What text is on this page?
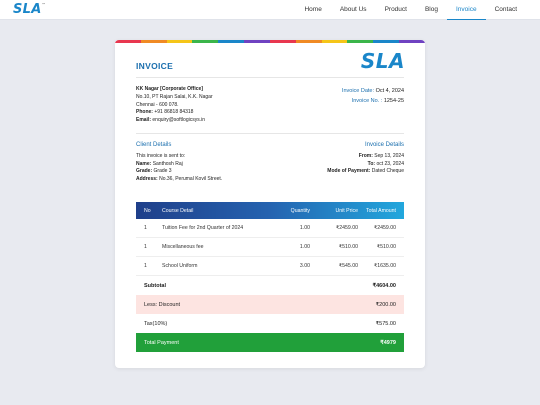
SLA™
Home	About Us	Product	Blog	Invoice	Contact
INVOICE	SLA
KK Nagar [Corporate Office]
No.10, PT Rajan Salai, K.K. Nagar
Chennai - 600 078.
Phone: +91 86818 84318
Email: enquiry@softlogicsys.in
Invoice Date: Oct 4, 2024
Invoice No. : 1254-25
Client Details
This invoice is sent to:
Name: Santhosh Raj
Grade: Grade 3
Address: No.36, Perumal Kovil Street.
Invoice Details
From: Sep 13, 2024
To: oct 23, 2024
Mode of Payment: Dated Cheque
No	Course Detail	Quantity	Unit Price	Total Amount
1	Tuition Fee for 2nd Quarter of 2024	1.00	₹2459.00	₹2459.00
1	Miscellaneous fee	1.00	₹510.00	₹510.00
1	School Uniform	3.00	₹545.00	₹1635.00
Subtotal	₹4604.00
Less: Discount	₹200.00
Tax(10%)	₹575.00
Total Payment	₹4979
